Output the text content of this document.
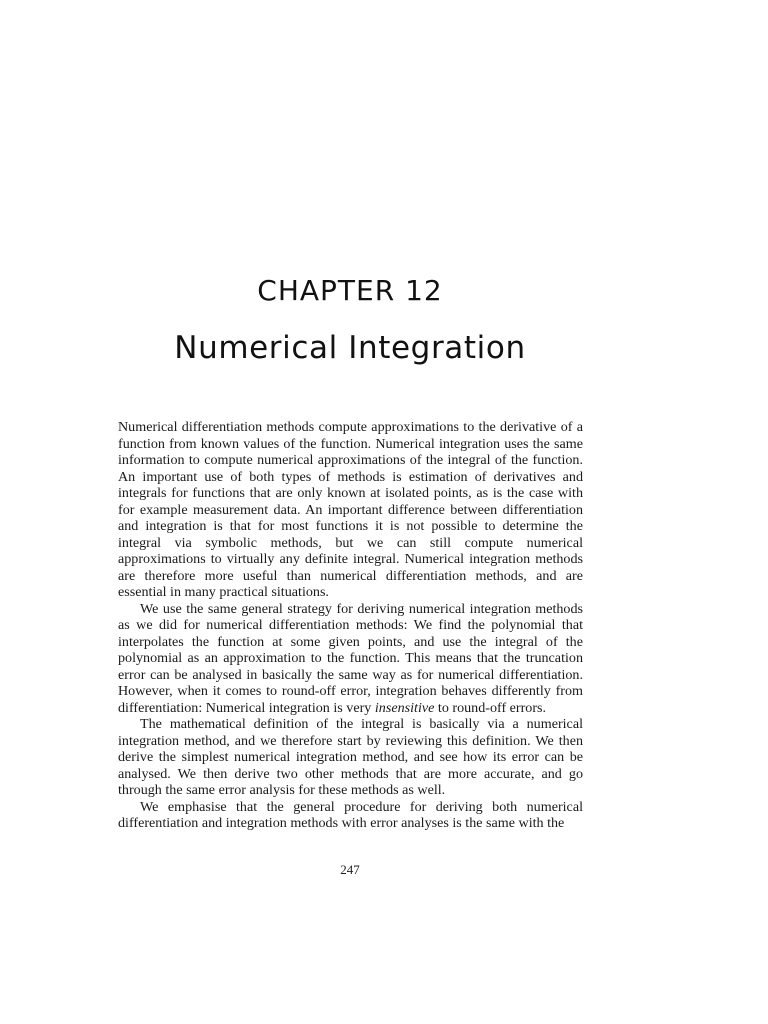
CHAPTER 12
Numerical Integration

Numerical differentiation methods compute approximations to the derivative of a function from known values of the function. Numerical integration uses the same information to compute numerical approximations of the integral of the function. An important use of both types of methods is estimation of derivatives and integrals for functions that are only known at isolated points, as is the case with for example measurement data. An important difference between differentiation and integration is that for most functions it is not possible to determine the integral via symbolic methods, but we can still compute numerical approximations to virtually any definite integral. Numerical integration methods are therefore more useful than numerical differentiation methods, and are essential in many practical situations.

We use the same general strategy for deriving numerical integration methods as we did for numerical differentiation methods: We find the polynomial that interpolates the function at some given points, and use the integral of the polynomial as an approximation to the function. This means that the truncation error can be analysed in basically the same way as for numerical differentiation. However, when it comes to round-off error, integration behaves differently from differentiation: Numerical integration is very insensitive to round-off errors.

The mathematical definition of the integral is basically via a numerical integration method, and we therefore start by reviewing this definition. We then derive the simplest numerical integration method, and see how its error can be analysed. We then derive two other methods that are more accurate, and go through the same error analysis for these methods as well.

We emphasise that the general procedure for deriving both numerical differentiation and integration methods with error analyses is the same with the

247
